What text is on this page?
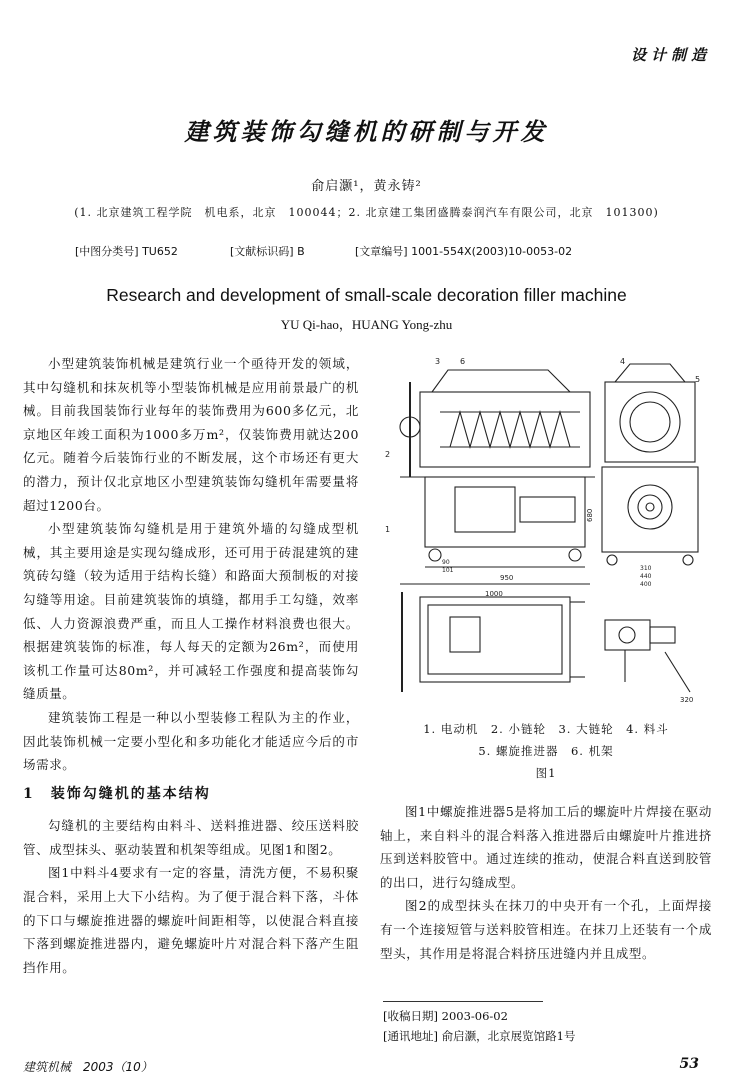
设计制造
建筑装饰勾缝机的研制与开发
俞启灏¹，黄永铸²
(1. 北京建筑工程学院　机电系，北京　100044；2. 北京建工集团盛腾泰润汽车有限公司，北京　101300)
[中图分类号] TU652	[文献标识码] B	[文章编号] 1001-554X(2003)10-0053-02
Research and development of small-scale decoration filler machine
YU Qi-hao，HUANG Yong-zhu

小型建筑装饰机械是建筑行业一个亟待开发的领域，其中勾缝机和抹灰机等小型装饰机械是应用前景最广的机械。目前我国装饰行业每年的装饰费用为600多亿元，北京地区年竣工面积为1000多万m²，仅装饰费用就达200亿元。随着今后装饰行业的不断发展，这个市场还有更大的潜力，预计仅北京地区小型建筑装饰勾缝机年需要量将超过1200台。

小型建筑装饰勾缝机是用于建筑外墙的勾缝成型机械，其主要用途是实现勾缝成形，还可用于砖混建筑的建筑砖勾缝（较为适用于结构长缝）和路面大预制板的对接勾缝等用途。目前建筑装饰的填缝，都用手工勾缝，效率低、人力资源浪费严重，而且人工操作材料浪费也很大。根据建筑装饰的标准，每人每天的定额为26m²，而使用该机工作量可达80m²，并可减轻工作强度和提高装饰勾缝质量。

建筑装饰工程是一种以小型装修工程队为主的作业，因此装饰机械一定要小型化和多功能化才能适应今后的市场需求。

1　装饰勾缝机的基本结构

勾缝机的主要结构由料斗、送料推进器、绞压送料胶管、成型抹头、驱动装置和机架等组成。见图1和图2。

图1中料斗4要求有一定的容量，清洗方便，不易积聚混合料，采用上大下小结构。为了便于混合料下落，斗体的下口与螺旋推进器的螺旋叶间距相等，以使混合料直接下落到螺旋推进器内，避免螺旋叶片对混合料下落产生阻挡作用。

950
1000
680
90
101
3 6
2
1
4
5
310
440
400
320
1. 电动机　2. 小链轮　3. 大链轮　4. 料斗
5. 螺旋推进器　6. 机架
图1

图1中螺旋推进器5是将加工后的螺旋叶片焊接在驱动轴上，来自料斗的混合料落入推进器后由螺旋叶片推进挤压到送料胶管中。通过连续的推动，使混合料直送到胶管的出口，进行勾缝成型。

图2的成型抹头在抹刀的中央开有一个孔，上面焊接有一个连接短管与送料胶管相连。在抹刀上还装有一个成型头，其作用是将混合料挤压进缝内并且成型。

[收稿日期] 2003-06-02
[通讯地址] 俞启灏，北京展览馆路1号
建筑机械　2003（10）	53
